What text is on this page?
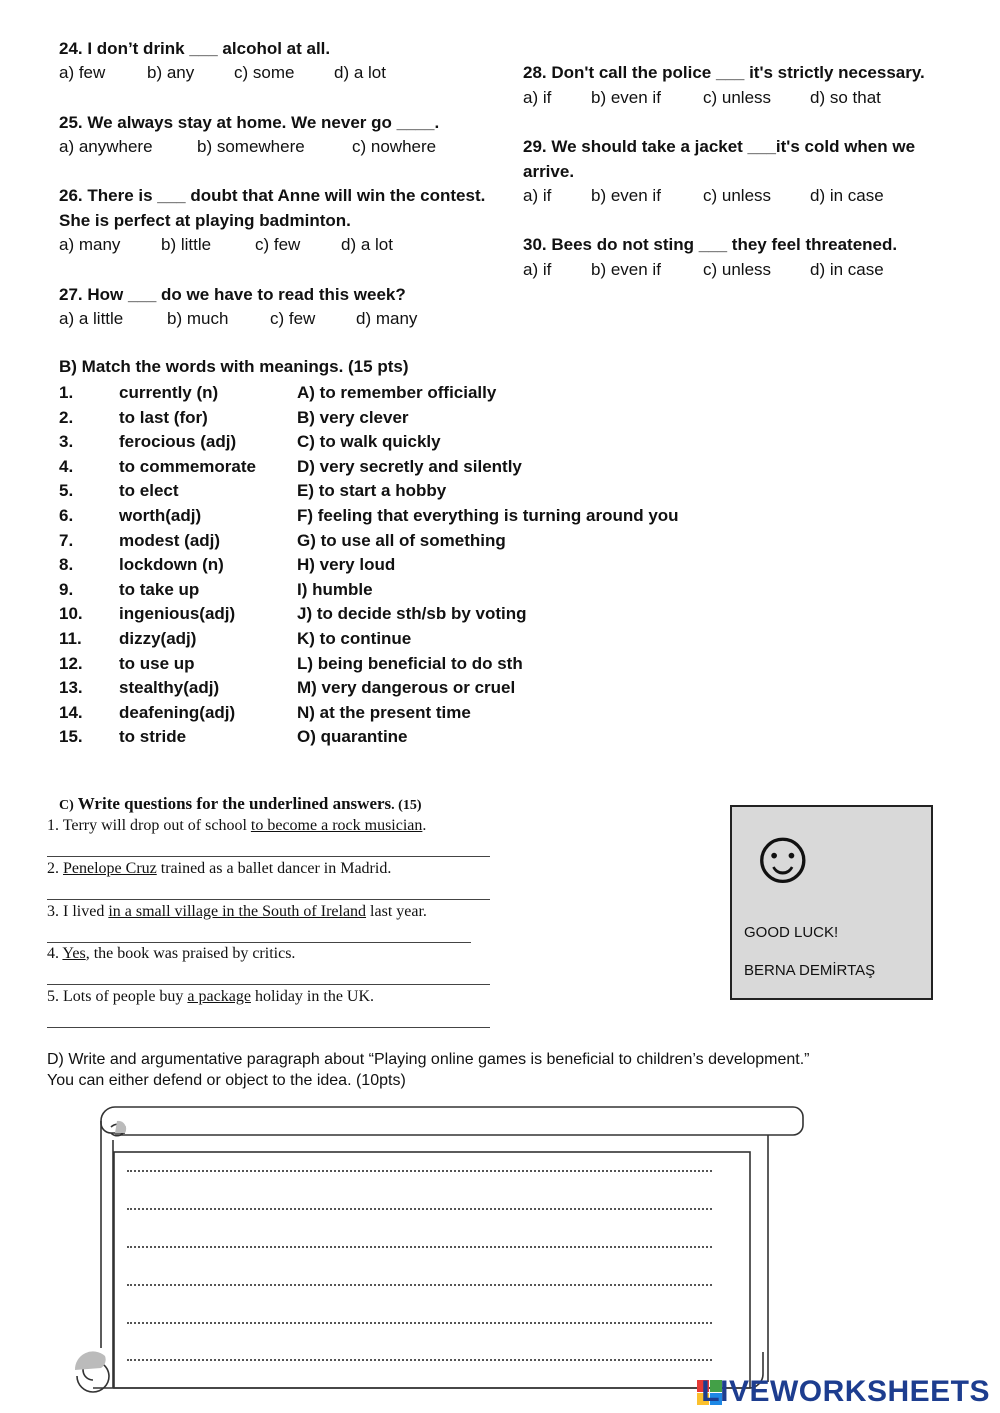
24. I don’t drink ___ alcohol at all.
a) few b) any c) some d) a lot
25. We always stay at home. We never go ____.
a) anywhere	b) somewhere	c) nowhere
26. There is ___ doubt that Anne will win the contest.
She is perfect at playing badminton.
a) many b) little	c) few d) a lot
27. How ___ do we have to read this week?
a) a little	b) much c) few d) many
28. Don't call the police ___ it's strictly necessary.
a) if b) even if c) unless d) so that
29. We should take a jacket ___it's cold when we
arrive.
a) if b) even if c) unless d) in case
30. Bees do not sting ___ they feel threatened.
a) if b) even if c) unless d) in case
B) Match the words with meanings. (15 pts)
1.	currently (n)	A) to remember officially
2.	to last (for)	B) very clever
3.	ferocious (adj)	C) to walk quickly
4.	to commemorate D) very secretly and silently
5.	to elect	E) to start a hobby
6.	worth(adj)	F) feeling that everything is turning around you
7.	modest (adj)	G) to use all of something
8.	lockdown (n)	H) very loud
9.	to take up	I) humble
10. ingenious(adj)	J) to decide sth/sb by voting
11. dizzy(adj)	K) to continue
12. to use up	L) being beneficial to do sth
13. stealthy(adj)	M) very dangerous or cruel
14. deafening(adj)	N) at the present time
15. to stride	O) quarantine
C) Write questions for the underlined answers. (15)
1. Terry will drop out of school to become a rock musician.
2. Penelope Cruz trained as a ballet dancer in Madrid.
3. I lived in a small village in the South of Ireland last year.
4. Yes, the book was praised by critics.
5. Lots of people buy a package holiday in the UK.
☺
GOOD LUCK!
BERNA DEMİRTAŞ
D) Write and argumentative paragraph about “Playing online games is beneficial to children’s development.”
You can either defend or object to the idea. (10pts)
LIVEWORKSHEETS
